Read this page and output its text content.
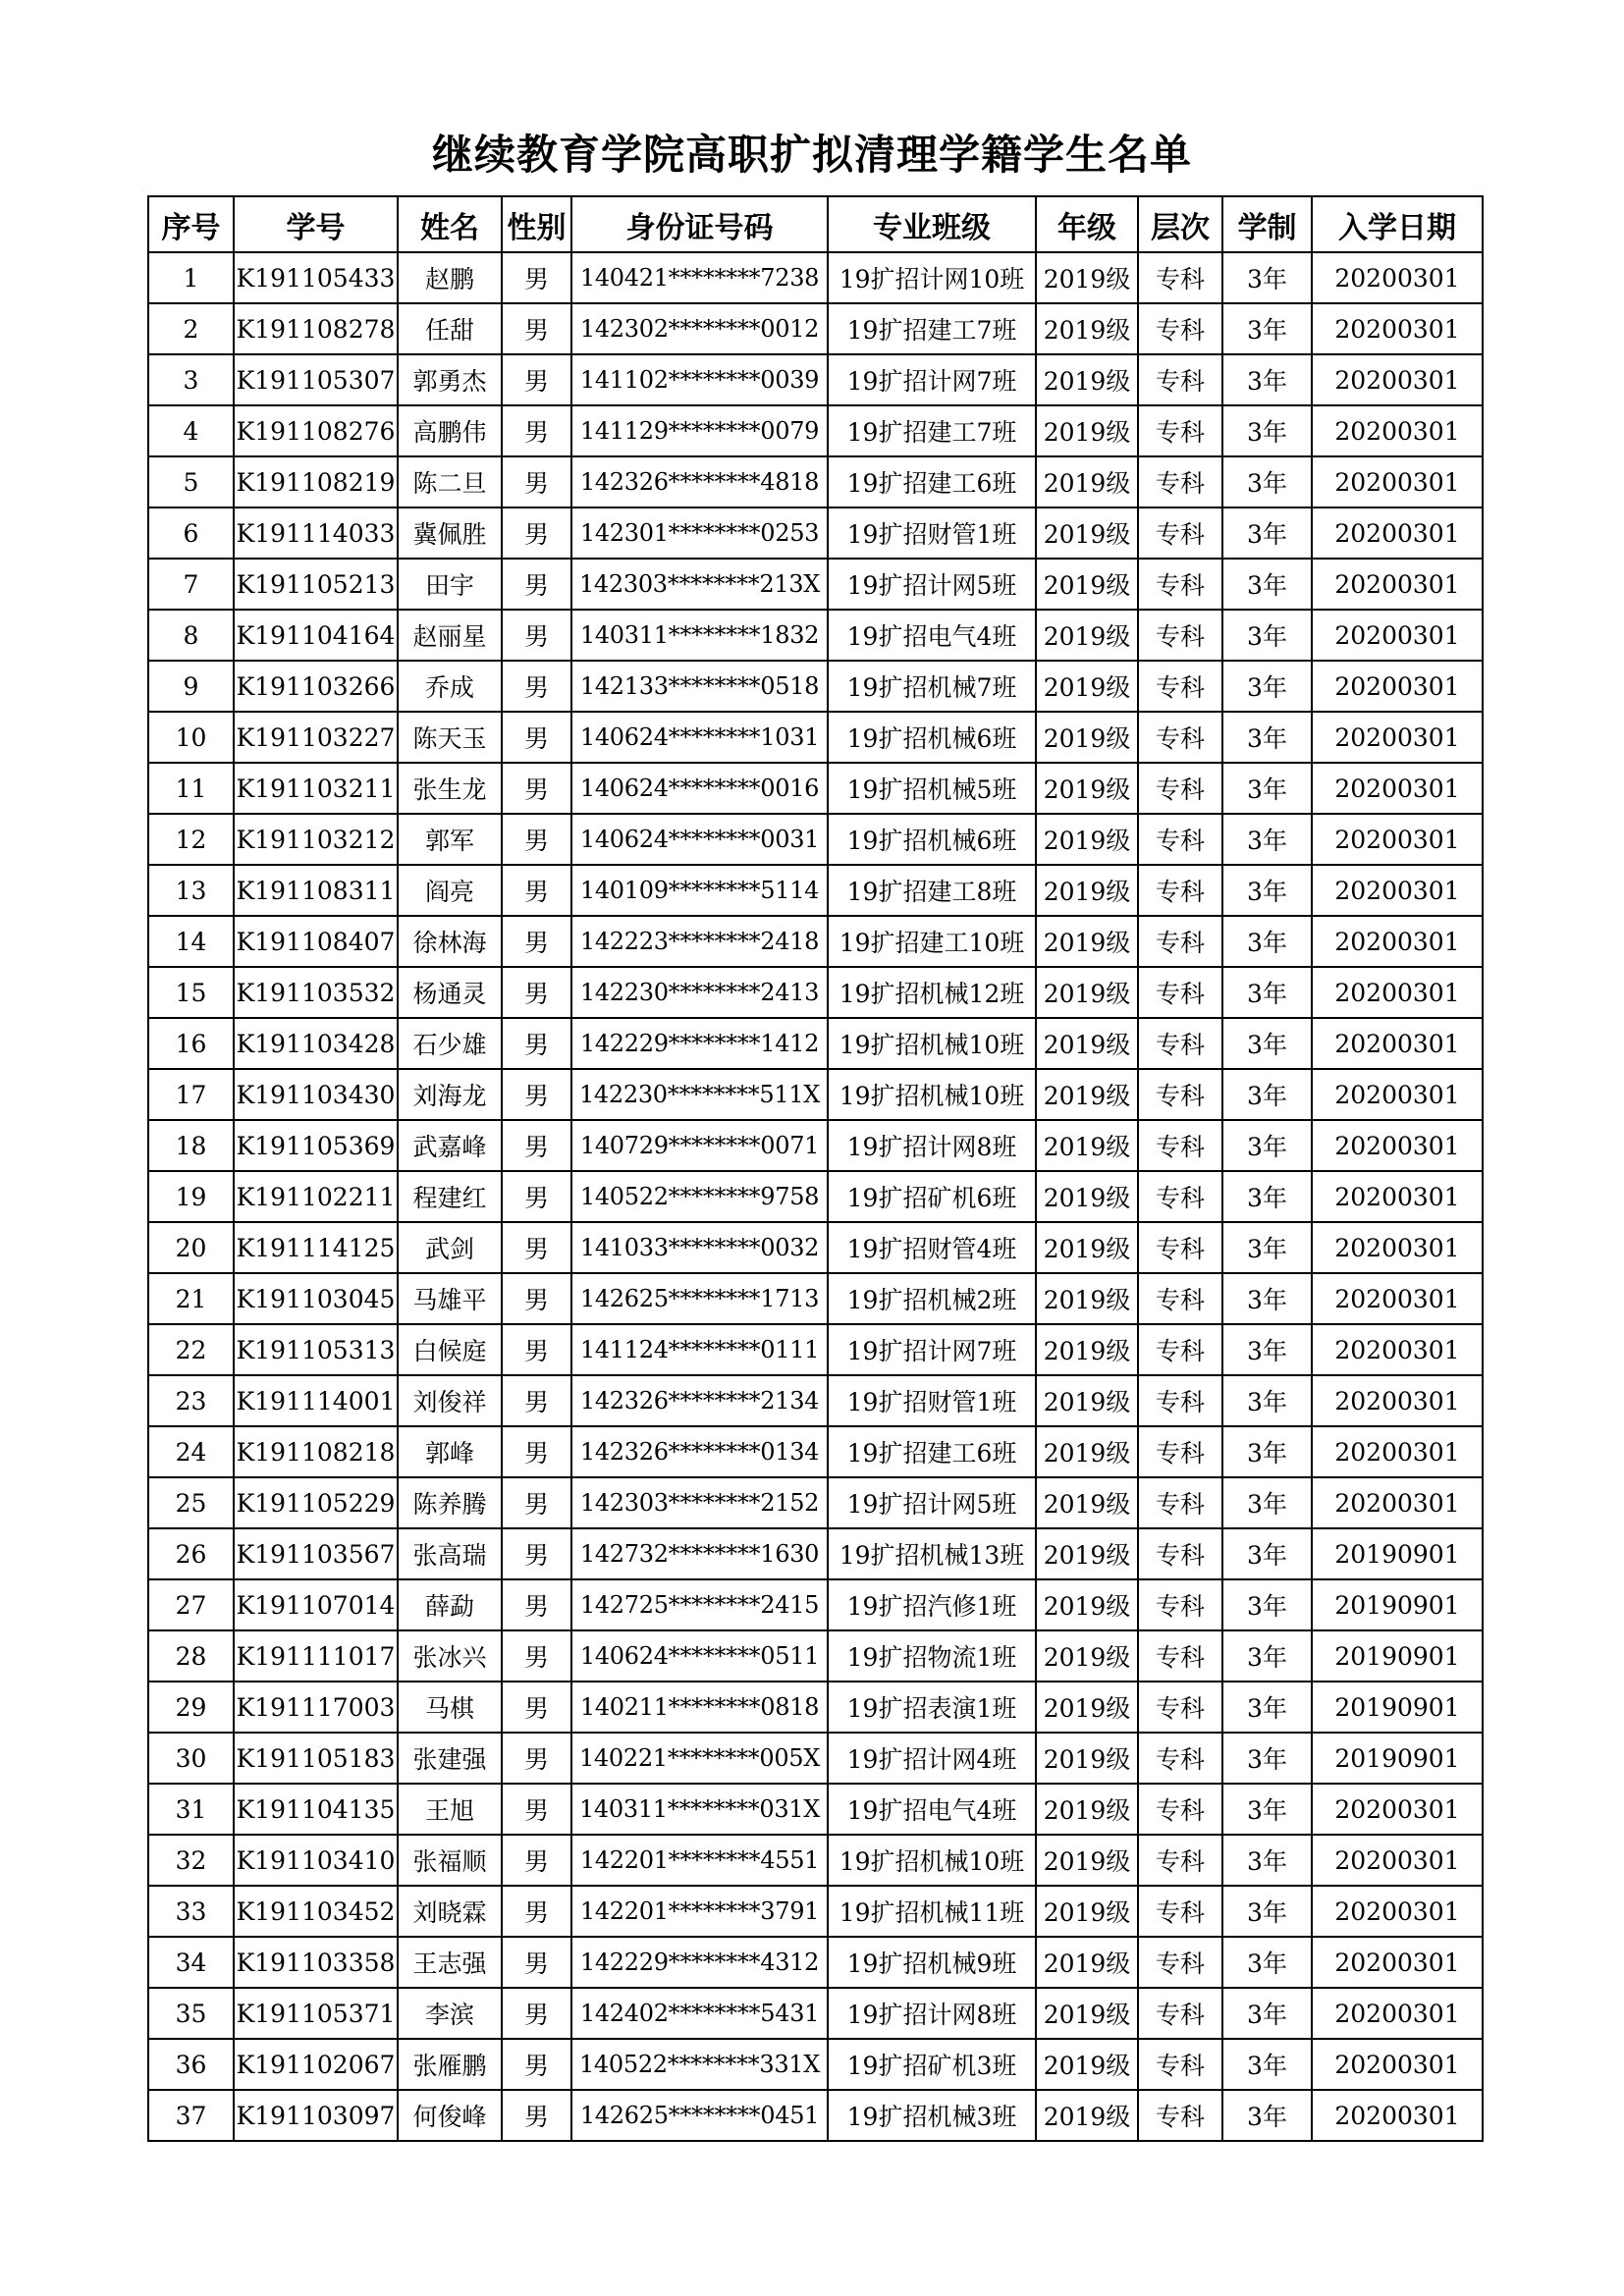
继续教育学院高职扩拟清理学籍学生名单
序号	学号	姓名	性别	身份证号码	专业班级	年级	层次	学制	入学日期
1	K191105433	赵鹏	男	140421********7238	19扩招计网10班	2019级	专科	3年	20200301
2	K191108278	任甜	男	142302********0012	19扩招建工7班	2019级	专科	3年	20200301
3	K191105307	郭勇杰	男	141102********0039	19扩招计网7班	2019级	专科	3年	20200301
4	K191108276	高鹏伟	男	141129********0079	19扩招建工7班	2019级	专科	3年	20200301
5	K191108219	陈二旦	男	142326********4818	19扩招建工6班	2019级	专科	3年	20200301
6	K191114033	冀佩胜	男	142301********0253	19扩招财管1班	2019级	专科	3年	20200301
7	K191105213	田宇	男	142303********213X	19扩招计网5班	2019级	专科	3年	20200301
8	K191104164	赵丽星	男	140311********1832	19扩招电气4班	2019级	专科	3年	20200301
9	K191103266	乔成	男	142133********0518	19扩招机械7班	2019级	专科	3年	20200301
10	K191103227	陈天玉	男	140624********1031	19扩招机械6班	2019级	专科	3年	20200301
11	K191103211	张生龙	男	140624********0016	19扩招机械5班	2019级	专科	3年	20200301
12	K191103212	郭军	男	140624********0031	19扩招机械6班	2019级	专科	3年	20200301
13	K191108311	阎亮	男	140109********5114	19扩招建工8班	2019级	专科	3年	20200301
14	K191108407	徐林海	男	142223********2418	19扩招建工10班	2019级	专科	3年	20200301
15	K191103532	杨通灵	男	142230********2413	19扩招机械12班	2019级	专科	3年	20200301
16	K191103428	石少雄	男	142229********1412	19扩招机械10班	2019级	专科	3年	20200301
17	K191103430	刘海龙	男	142230********511X	19扩招机械10班	2019级	专科	3年	20200301
18	K191105369	武嘉峰	男	140729********0071	19扩招计网8班	2019级	专科	3年	20200301
19	K191102211	程建红	男	140522********9758	19扩招矿机6班	2019级	专科	3年	20200301
20	K191114125	武剑	男	141033********0032	19扩招财管4班	2019级	专科	3年	20200301
21	K191103045	马雄平	男	142625********1713	19扩招机械2班	2019级	专科	3年	20200301
22	K191105313	白候庭	男	141124********0111	19扩招计网7班	2019级	专科	3年	20200301
23	K191114001	刘俊祥	男	142326********2134	19扩招财管1班	2019级	专科	3年	20200301
24	K191108218	郭峰	男	142326********0134	19扩招建工6班	2019级	专科	3年	20200301
25	K191105229	陈养腾	男	142303********2152	19扩招计网5班	2019级	专科	3年	20200301
26	K191103567	张高瑞	男	142732********1630	19扩招机械13班	2019级	专科	3年	20190901
27	K191107014	薛勐	男	142725********2415	19扩招汽修1班	2019级	专科	3年	20190901
28	K191111017	张冰兴	男	140624********0511	19扩招物流1班	2019级	专科	3年	20190901
29	K191117003	马棋	男	140211********0818	19扩招表演1班	2019级	专科	3年	20190901
30	K191105183	张建强	男	140221********005X	19扩招计网4班	2019级	专科	3年	20190901
31	K191104135	王旭	男	140311********031X	19扩招电气4班	2019级	专科	3年	20200301
32	K191103410	张福顺	男	142201********4551	19扩招机械10班	2019级	专科	3年	20200301
33	K191103452	刘晓霖	男	142201********3791	19扩招机械11班	2019级	专科	3年	20200301
34	K191103358	王志强	男	142229********4312	19扩招机械9班	2019级	专科	3年	20200301
35	K191105371	李滨	男	142402********5431	19扩招计网8班	2019级	专科	3年	20200301
36	K191102067	张雁鹏	男	140522********331X	19扩招矿机3班	2019级	专科	3年	20200301
37	K191103097	何俊峰	男	142625********0451	19扩招机械3班	2019级	专科	3年	20200301
